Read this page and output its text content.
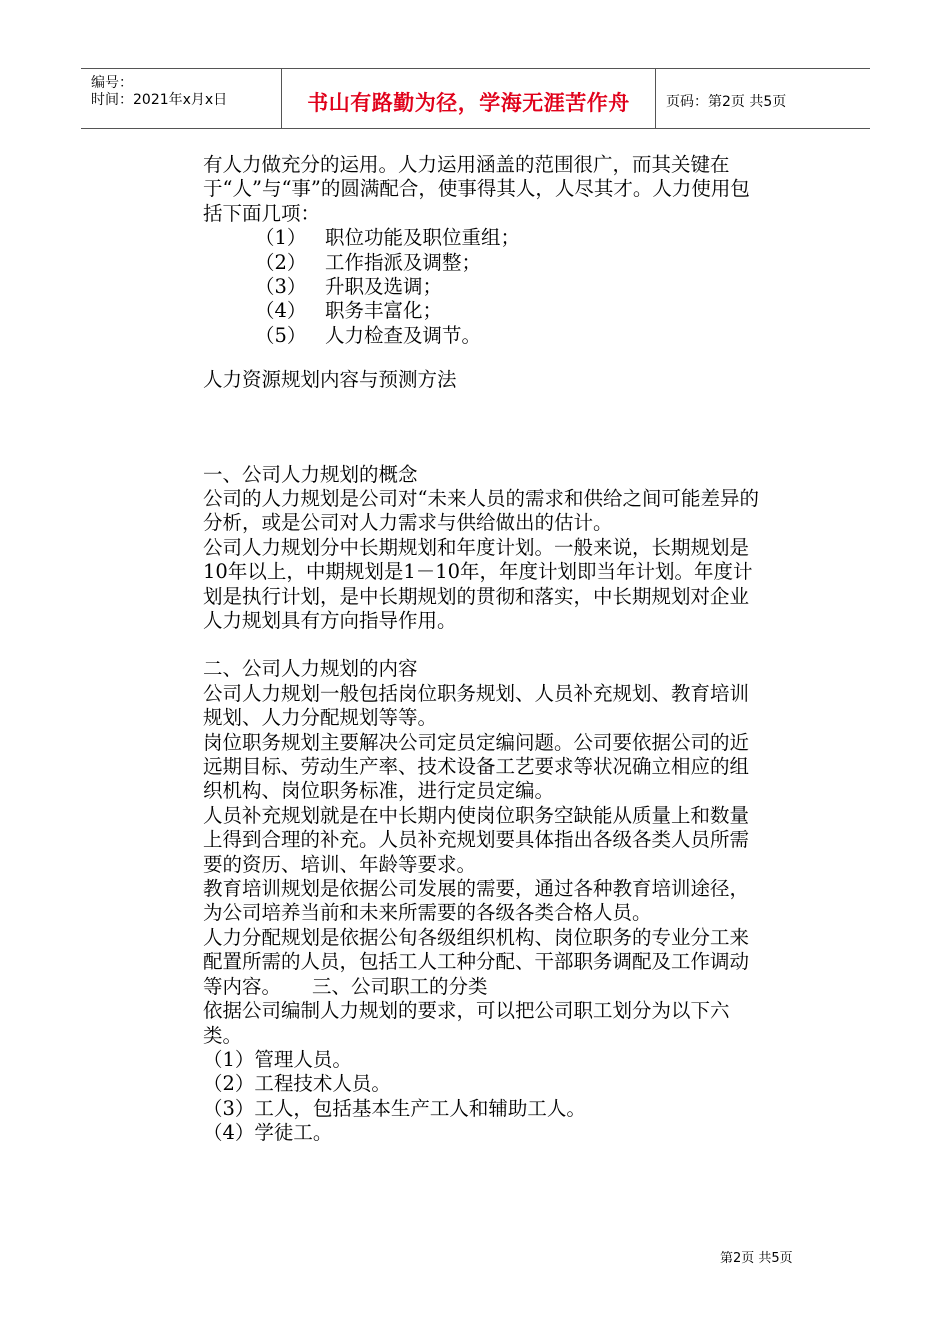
编号：
时间：2021年x月x日	书山有路勤为径，学海无涯苦作舟	页码：第2页 共5页

有人力做充分的运用。人力运用涵盖的范围很广，而其关键在于“人”与“事”的圆满配合，使事得其人，人尽其才。人力使用包括下面几项：

（1） 职位功能及职位重组；
（2） 工作指派及调整；
（3） 升职及选调；
（4） 职务丰富化；
（5） 人力检查及调节。

人力资源规划内容与预测方法

一、公司人力规划的概念

公司的人力规划是公司对“未来人员的需求和供给之间可能差异的分析，或是公司对人力需求与供给做出的估计。

公司人力规划分中长期规划和年度计划。一般来说，长期规划是10年以上，中期规划是1－10年，年度计划即当年计划。年度计划是执行计划，是中长期规划的贯彻和落实，中长期规划对企业人力规划具有方向指导作用。

二、公司人力规划的内容

公司人力规划一般包括岗位职务规划、人员补充规划、教育培训规划、人力分配规划等等。

岗位职务规划主要解决公司定员定编问题。公司要依据公司的近远期目标、劳动生产率、技术设备工艺要求等状况确立相应的组织机构、岗位职务标准，进行定员定编。

人员补充规划就是在中长期内使岗位职务空缺能从质量上和数量上得到合理的补充。人员补充规划要具体指出各级各类人员所需要的资历、培训、年龄等要求。

教育培训规划是依据公司发展的需要，通过各种教育培训途径，为公司培养当前和未来所需要的各级各类合格人员。

人力分配规划是依据公旬各级组织机构、岗位职务的专业分工来配置所需的人员，包括工人工种分配、干部职务调配及工作调动等内容。     三、公司职工的分类

依据公司编制人力规划的要求，可以把公司职工划分为以下六类。

（1）管理人员。

（2）工程技术人员。

（3）工人，包括基本生产工人和辅助工人。

（4）学徒工。

第2页 共5页
